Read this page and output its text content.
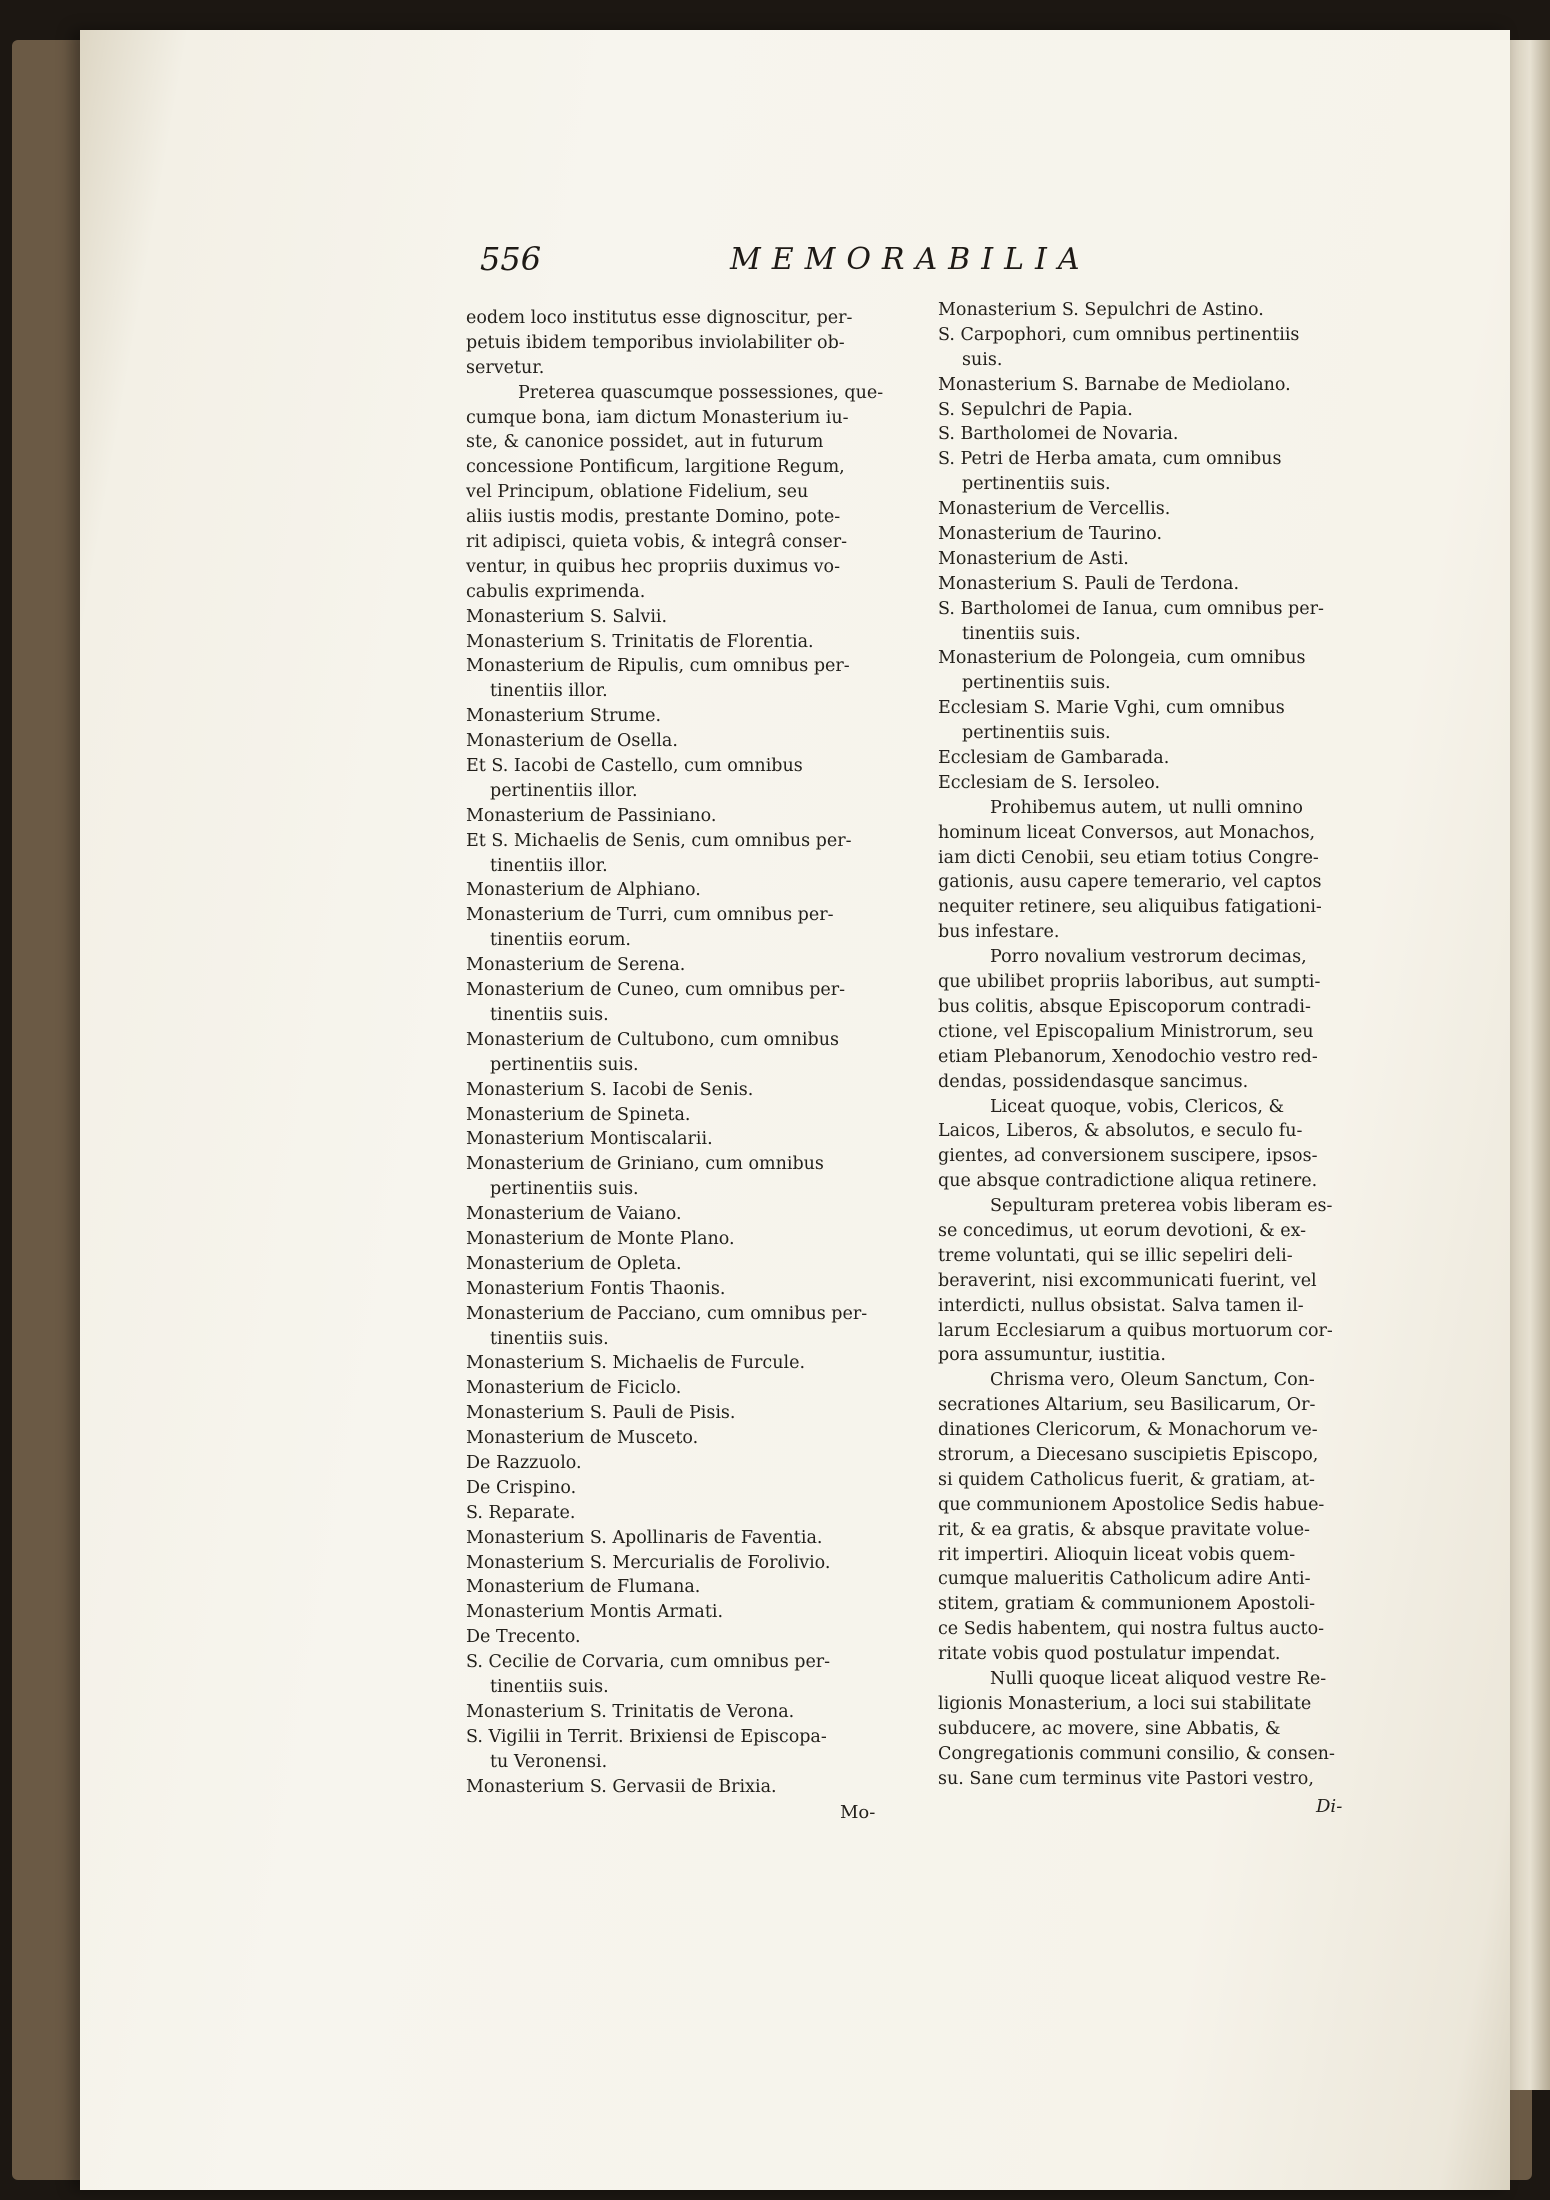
556	MEMORABILIA
eodem loco institutus esse dignoscitur, per-
petuis ibidem temporibus inviolabiliter ob-
servetur.
Preterea quascumque possessiones, que-
cumque bona, iam dictum Monasterium iu-
ste, & canonice possidet, aut in futurum
concessione Pontificum, largitione Regum,
vel Principum, oblatione Fidelium, seu
aliis iustis modis, prestante Domino, pote-
rit adipisci, quieta vobis, & integrâ conser-
ventur, in quibus hec propriis duximus vo-
cabulis exprimenda.
Monasterium S. Salvii.
Monasterium S. Trinitatis de Florentia.
Monasterium de Ripulis, cum omnibus per-
tinentiis illor.
Monasterium Strume.
Monasterium de Osella.
Et S. Iacobi de Castello, cum omnibus
pertinentiis illor.
Monasterium de Passiniano.
Et S. Michaelis de Senis, cum omnibus per-
tinentiis illor.
Monasterium de Alphiano.
Monasterium de Turri, cum omnibus per-
tinentiis eorum.
Monasterium de Serena.
Monasterium de Cuneo, cum omnibus per-
tinentiis suis.
Monasterium de Cultubono, cum omnibus
pertinentiis suis.
Monasterium S. Iacobi de Senis.
Monasterium de Spineta.
Monasterium Montiscalarii.
Monasterium de Griniano, cum omnibus
pertinentiis suis.
Monasterium de Vaiano.
Monasterium de Monte Plano.
Monasterium de Opleta.
Monasterium Fontis Thaonis.
Monasterium de Pacciano, cum omnibus per-
tinentiis suis.
Monasterium S. Michaelis de Furcule.
Monasterium de Ficiclo.
Monasterium S. Pauli de Pisis.
Monasterium de Musceto.
De Razzuolo.
De Crispino.
S. Reparate.
Monasterium S. Apollinaris de Faventia.
Monasterium S. Mercurialis de Forolivio.
Monasterium de Flumana.
Monasterium Montis Armati.
De Trecento.
S. Cecilie de Corvaria, cum omnibus per-
tinentiis suis.
Monasterium S. Trinitatis de Verona.
S. Vigilii in Territ. Brixiensi de Episcopa-
tu Veronensi.
Monasterium S. Gervasii de Brixia.
Monasterium S. Sepulchri de Astino.
S. Carpophori, cum omnibus pertinentiis
suis.
Monasterium S. Barnabe de Mediolano.
S. Sepulchri de Papia.
S. Bartholomei de Novaria.
S. Petri de Herba amata, cum omnibus
pertinentiis suis.
Monasterium de Vercellis.
Monasterium de Taurino.
Monasterium de Asti.
Monasterium S. Pauli de Terdona.
S. Bartholomei de Ianua, cum omnibus per-
tinentiis suis.
Monasterium de Polongeia, cum omnibus
pertinentiis suis.
Ecclesiam S. Marie Vghi, cum omnibus
pertinentiis suis.
Ecclesiam de Gambarada.
Ecclesiam de S. Iersoleo.
Prohibemus autem, ut nulli omnino
hominum liceat Conversos, aut Monachos,
iam dicti Cenobii, seu etiam totius Congre-
gationis, ausu capere temerario, vel captos
nequiter retinere, seu aliquibus fatigationi-
bus infestare.
Porro novalium vestrorum decimas,
que ubilibet propriis laboribus, aut sumpti-
bus colitis, absque Episcoporum contradi-
ctione, vel Episcopalium Ministrorum, seu
etiam Plebanorum, Xenodochio vestro red-
dendas, possidendasque sancimus.
Liceat quoque, vobis, Clericos, &
Laicos, Liberos, & absolutos, e seculo fu-
gientes, ad conversionem suscipere, ipsos-
que absque contradictione aliqua retinere.
Sepulturam preterea vobis liberam es-
se concedimus, ut eorum devotioni, & ex-
treme voluntati, qui se illic sepeliri deli-
beraverint, nisi excommunicati fuerint, vel
interdicti, nullus obsistat. Salva tamen il-
larum Ecclesiarum a quibus mortuorum cor-
pora assumuntur, iustitia.
Chrisma vero, Oleum Sanctum, Con-
secrationes Altarium, seu Basilicarum, Or-
dinationes Clericorum, & Monachorum ve-
strorum, a Diecesano suscipietis Episcopo,
si quidem Catholicus fuerit, & gratiam, at-
que communionem Apostolice Sedis habue-
rit, & ea gratis, & absque pravitate volue-
rit impertiri. Alioquin liceat vobis quem-
cumque malueritis Catholicum adire Anti-
stitem, gratiam & communionem Apostoli-
ce Sedis habentem, qui nostra fultus aucto-
ritate vobis quod postulatur impendat.
Nulli quoque liceat aliquod vestre Re-
ligionis Monasterium, a loci sui stabilitate
subducere, ac movere, sine Abbatis, &
Congregationis communi consilio, & consen-
su. Sane cum terminus vite Pastori vestro,
Mo-	Di-
